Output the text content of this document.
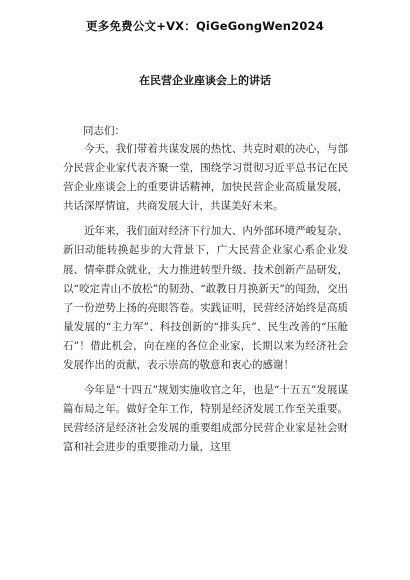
更多免费公文+VX：QiGeGongWen2024
在民营企业座谈会上的讲话
同志们：

今天，我们带着共谋发展的热忱、共克时艰的决心，与部分民营企业家代表齐聚一堂，围绕学习贯彻习近平总书记在民营企业座谈会上的重要讲话精神，加快民营企业高质量发展，共话深厚情谊，共商发展大计，共谋美好未来。

近年来，我们面对经济下行加大、内外部环境严峻复杂、新旧动能转换起步的大背景下，广大民营企业家心系企业发展、情牵群众就业，大力推进转型升级、技术创新产品研发，以“咬定青山不放松”的韧劲、“敢教日月换新天”的闯劲，交出了一份逆势上扬的亮眼答卷。实践证明，民营经济始终是高质量发展的“主力军”、科技创新的“排头兵”、民生改善的“压舱石”！借此机会，向在座的各位企业家，长期以来为经济社会发展作出的贡献，表示崇高的敬意和衷心的感谢！

今年是“十四五”规划实施收官之年，也是“十五五”发展谋篇布局之年。做好全年工作，特别是经济发展工作至关重要。民营经济是经济社会发展的重要组成部分民营企业家是社会财富和社会进步的重要推动力量，这里
